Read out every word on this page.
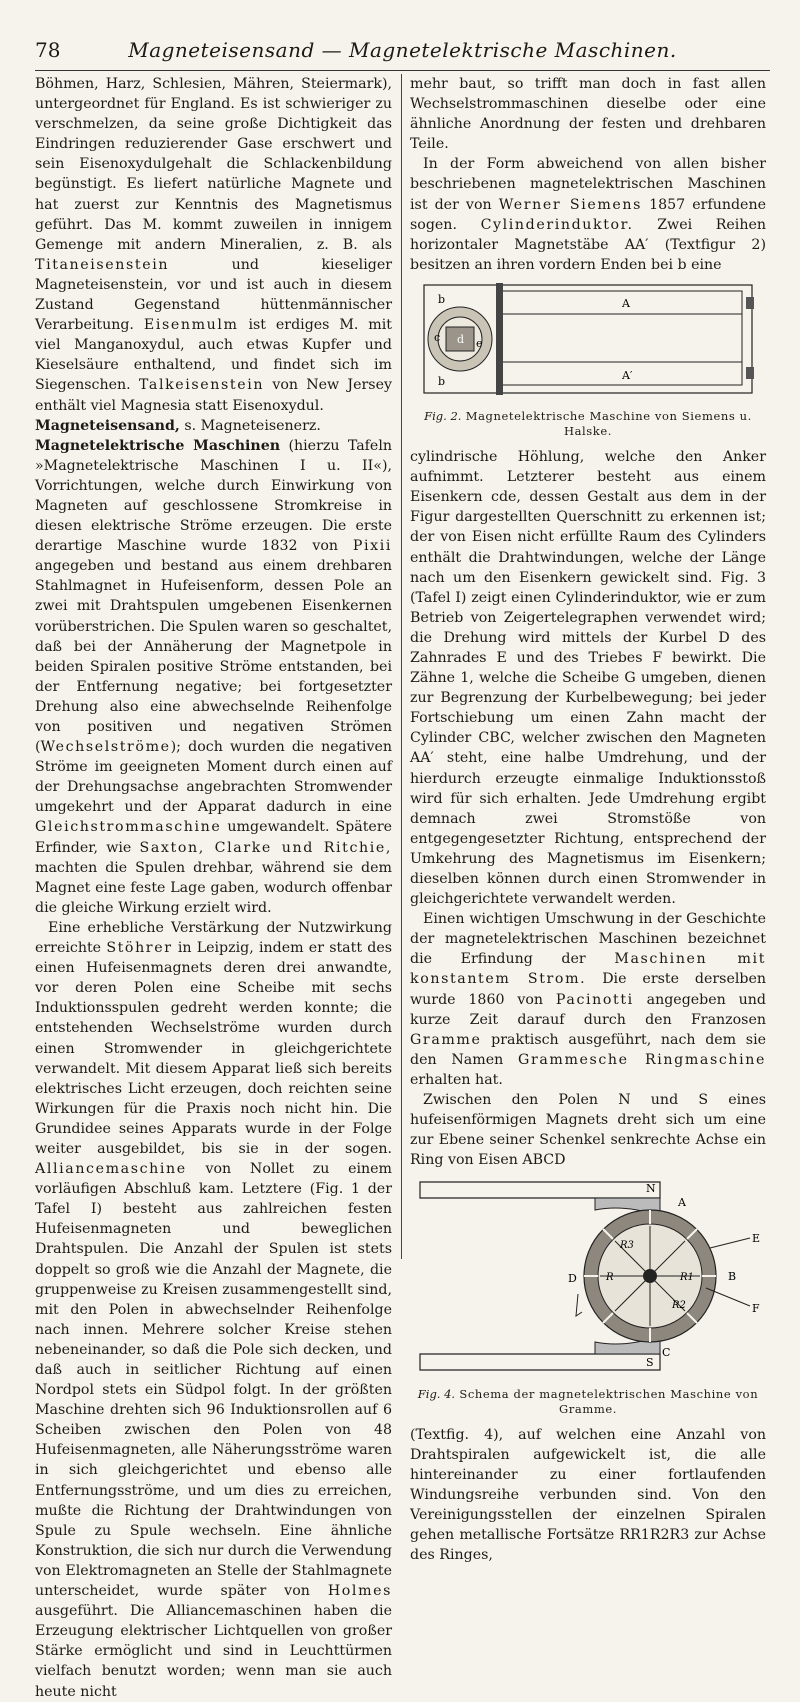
78	Magneteisensand — Magnetelektrische Maschinen.

Böhmen, Harz, Schlesien, Mähren, Steiermark), untergeordnet für England. Es ist schwieriger zu verschmelzen, da seine große Dichtigkeit das Eindringen reduzierender Gase erschwert und sein Eisenoxydulgehalt die Schlackenbildung begünstigt. Es liefert natürliche Magnete und hat zuerst zur Kenntnis des Magnetismus geführt. Das M. kommt zuweilen in innigem Gemenge mit andern Mineralien, z. B. als Titaneisenstein	und kieseliger Magneteisenstein, vor und ist auch in diesem Zustand Gegenstand hüttenmännischer Verarbeitung. Eisenmulm ist erdiges M. mit viel Manganoxydul, auch etwas Kupfer und Kieselsäure enthaltend, und findet sich im Siegenschen. Talkeisenstein von New Jersey enthält viel Magnesia statt Eisenoxydul.

Magneteisensand, s. Magneteisenerz.

Magnetelektrische Maschinen (hierzu Tafeln »Magnetelektrische Maschinen I u. II«), Vorrichtungen, welche durch Einwirkung von Magneten auf geschlossene Stromkreise in diesen elektrische Ströme erzeugen. Die erste derartige Maschine wurde 1832 von Pixii angegeben und bestand aus einem drehbaren Stahlmagnet in Hufeisenform, dessen Pole an zwei mit Drahtspulen umgebenen Eisenkernen vorüberstrichen. Die Spulen waren so geschaltet, daß bei der Annäherung der Magnetpole in beiden Spiralen positive Ströme entstanden, bei der Entfernung negative; bei fortgesetzter Drehung also eine abwechselnde Reihenfolge von positiven und negativen Strömen (Wechselströme); doch wurden die negativen Ströme im geeigneten Moment durch einen auf der Drehungsachse angebrachten Stromwender umgekehrt und der Apparat dadurch in eine Gleichstrommaschine umgewandelt. Spätere Erfinder, wie Saxton, Clarke und Ritchie, machten die Spulen drehbar, während sie dem Magnet eine feste Lage gaben, wodurch offenbar die gleiche Wirkung erzielt wird.

Eine erhebliche Verstärkung der Nutzwirkung erreichte Stöhrer in Leipzig, indem er statt des einen Hufeisenmagnets deren drei anwandte, vor deren Polen eine Scheibe mit sechs Induktionsspulen gedreht werden konnte; die entstehenden Wechselströme wurden durch einen Stromwender in gleichgerichtete verwandelt. Mit diesem Apparat ließ sich bereits elektrisches Licht erzeugen, doch reichten seine Wirkungen für die Praxis noch nicht hin. Die Grundidee seines Apparats wurde in der Folge weiter ausgebildet, bis sie in der sogen. Alliancemaschine von Nollet zu einem vorläufigen Abschluß kam. Letztere (Fig. 1 der Tafel I) besteht aus zahlreichen festen Hufeisenmagneten und beweglichen Drahtspulen. Die Anzahl der Spulen ist stets doppelt so groß wie die Anzahl der Magnete, die gruppenweise zu Kreisen zusammengestellt sind, mit den Polen in abwechselnder Reihenfolge nach innen. Mehrere solcher Kreise stehen nebeneinander, so daß die Pole sich decken, und daß auch in seitlicher Richtung auf einen Nordpol stets ein Südpol folgt. In der größten Maschine drehten sich 96 Induktionsrollen auf 6 Scheiben zwischen den Polen von 48 Hufeisenmagneten, alle Näherungsströme waren in sich gleichgerichtet und ebenso alle Entfernungsströme, und um dies zu erreichen, mußte die Richtung der Drahtwindungen von Spule zu Spule wechseln. Eine ähnliche Konstruktion, die sich nur durch die Verwendung von Elektromagneten an Stelle der Stahlmagnete unterscheidet, wurde später von Holmes ausgeführt. Die Alliancemaschinen haben die Erzeugung elektrischer Lichtquellen von großer Stärke ermöglicht und sind in Leuchttürmen vielfach benutzt worden; wenn man sie auch heute nicht

mehr baut, so trifft man doch in fast allen Wechselstrommaschinen dieselbe oder eine ähnliche Anordnung der festen und drehbaren Teile.

In der Form abweichend von allen bisher beschriebenen magnetelektrischen Maschinen ist der von Werner Siemens 1857 erfundene sogen. Cylinderinduktor. Zwei Reihen horizontaler Magnetstäbe AA′ (Textfigur 2) besitzen an ihren vordern Enden bei b eine

b
b
A
A′
c d e
Fig. 2. Magnetelektrische Maschine von Siemens u. Halske.

cylindrische Höhlung, welche den Anker aufnimmt. Letzterer besteht aus einem Eisenkern cde, dessen Gestalt aus dem in der Figur dargestellten Querschnitt zu erkennen ist; der von Eisen nicht erfüllte Raum des Cylinders enthält die Drahtwindungen, welche der Länge nach um den Eisenkern gewickelt sind. Fig. 3 (Tafel I) zeigt einen Cylinderinduktor, wie er zum Betrieb von Zeigertelegraphen verwendet wird; die Drehung wird mittels der Kurbel D des Zahnrades E und des Triebes F bewirkt. Die Zähne 1, welche die Scheibe G umgeben, dienen zur Begrenzung der Kurbelbewegung; bei jeder Fortschiebung um einen Zahn macht der Cylinder CBC, welcher zwischen den Magneten AA′ steht, eine halbe Umdrehung, und der hierdurch erzeugte einmalige Induktionsstoß wird für sich erhalten. Jede Umdrehung ergibt demnach zwei Stromstöße von entgegengesetzter Richtung, entsprechend der Umkehrung des Magnetismus im Eisenkern; dieselben können durch einen Stromwender in gleichgerichtete verwandelt werden.

Einen wichtigen Umschwung in der Geschichte der magnetelektrischen Maschinen bezeichnet die Erfindung der Maschinen mit konstantem Strom. Die erste derselben wurde 1860 von Pacinotti angegeben und kurze Zeit darauf durch den Franzosen Gramme praktisch ausgeführt, nach dem sie den Namen Grammesche Ringmaschine erhalten hat.

Zwischen den Polen N und S eines hufeisenförmigen Magnets dreht sich um eine zur Ebene seiner Schenkel senkrechte Achse ein Ring von Eisen ABCD

N
S
A
B
C
D
E
F
R	R1
R2
R3
Fig. 4. Schema der magnetelektrischen Maschine von Gramme.

(Textfig. 4), auf welchen eine Anzahl von Drahtspiralen aufgewickelt ist, die alle hintereinander zu einer fortlaufenden Windungsreihe verbunden sind. Von den Vereinigungsstellen der einzelnen Spiralen gehen metallische Fortsätze RR1R2R3 zur Achse des Ringes,
